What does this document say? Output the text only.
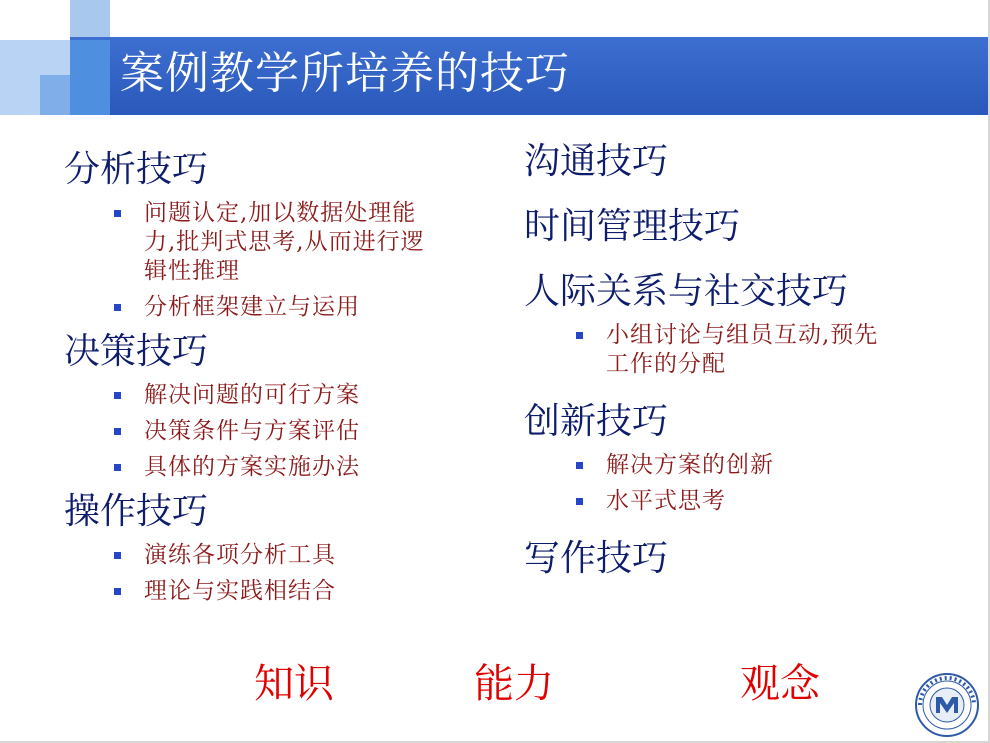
案例教学所培养的技巧
分析技巧
问题认定,加以数据处理能
力,批判式思考,从而进行逻
辑性推理
分析框架建立与运用
决策技巧
解决问题的可行方案
决策条件与方案评估
具体的方案实施办法
操作技巧
演练各项分析工具
理论与实践相结合
沟通技巧
时间管理技巧
人际关系与社交技巧
小组讨论与组员互动,预先
工作的分配
创新技巧
解决方案的创新
水平式思考
写作技巧
知识	能力	观念
